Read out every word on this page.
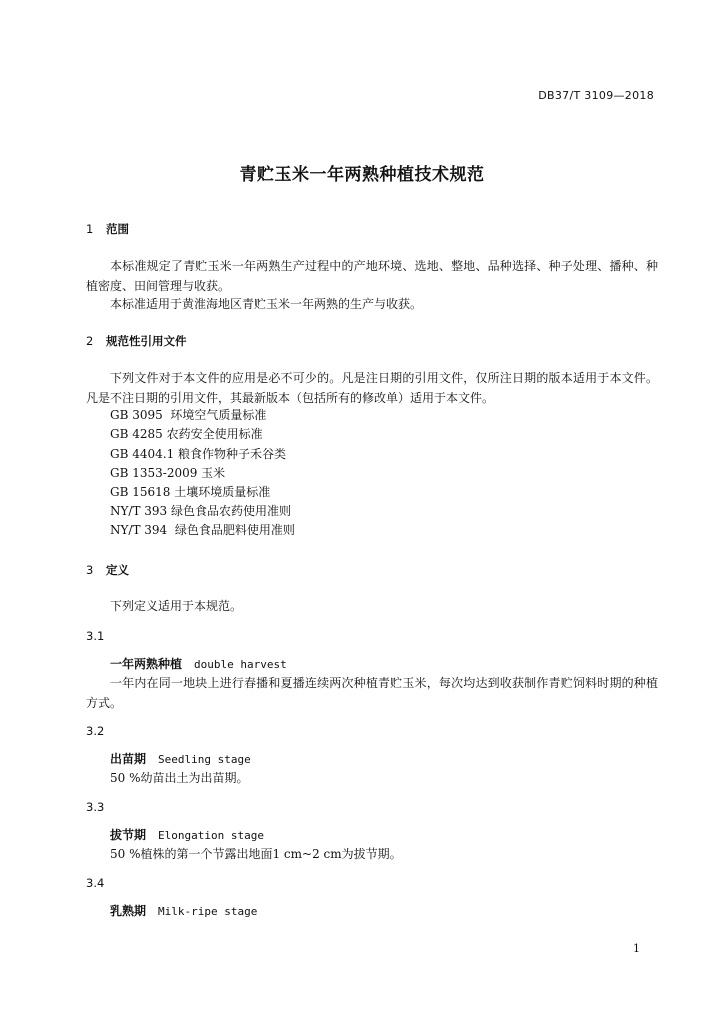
DB37/T 3109—2018
青贮玉米一年两熟种植技术规范
1 范围
本标准规定了青贮玉米一年两熟生产过程中的产地环境、选地、整地、品种选择、种子处理、播种、种植密度、田间管理与收获。
本标准适用于黄淮海地区青贮玉米一年两熟的生产与收获。
2 规范性引用文件
下列文件对于本文件的应用是必不可少的。凡是注日期的引用文件，仅所注日期的版本适用于本文件。凡是不注日期的引用文件，其最新版本（包括所有的修改单）适用于本文件。
GB 3095  环境空气质量标准
GB 4285 农药安全使用标准
GB 4404.1 粮食作物种子禾谷类
GB 1353-2009 玉米
GB 15618 土壤环境质量标准
NY/T 393 绿色食品农药使用准则
NY/T 394  绿色食品肥料使用准则
3 定义
下列定义适用于本规范。
3.1
一年两熟种植 double harvest
一年内在同一地块上进行春播和夏播连续两次种植青贮玉米，每次均达到收获制作青贮饲料时期的种植方式。
3.2
出苗期 Seedling stage
50 %幼苗出土为出苗期。
3.3
拔节期 Elongation stage
50 %植株的第一个节露出地面1 cm~2 cm为拔节期。
3.4
乳熟期 Milk-ripe stage
1
